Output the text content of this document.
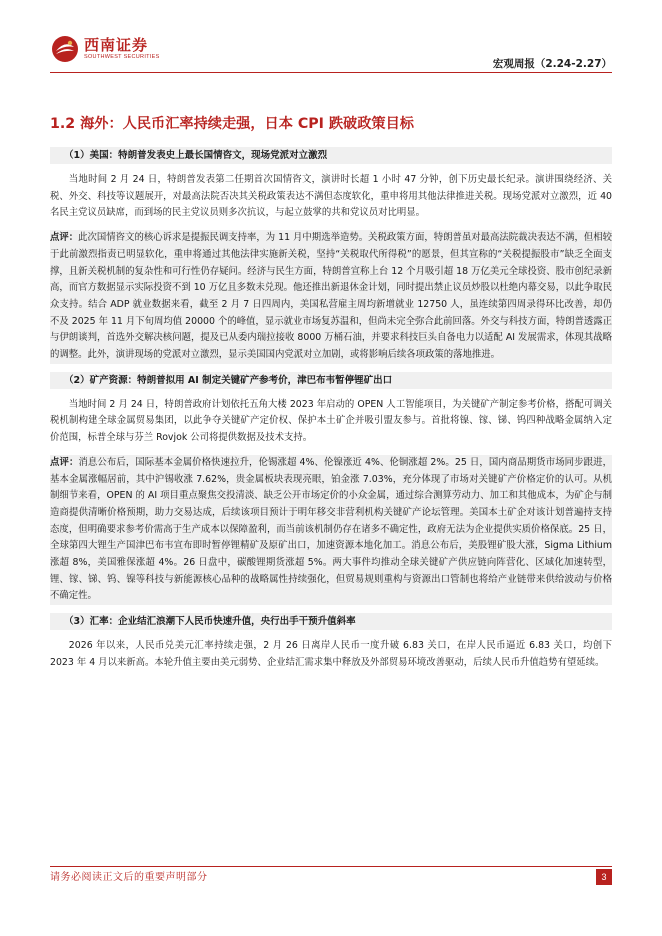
西南证券
SOUTHWEST SECURITIES
宏观周报（2.24-2.27）
1.2 海外：人民币汇率持续走强，日本 CPI 跌破政策目标
（1）美国：特朗普发表史上最长国情咨文，现场党派对立激烈

当地时间 2 月 24 日，特朗普发表第二任期首次国情咨文，演讲时长超 1 小时 47 分钟，创下历史最长纪录。演讲围绕经济、关税、外交、科技等议题展开，对最高法院否决其关税政策表达不满但态度软化，重申将用其他法律推进关税。现场党派对立激烈，近 40 名民主党议员缺席，而到场的民主党议员则多次抗议，与起立鼓掌的共和党议员对比明显。

点评：此次国情咨文的核心诉求是提振民调支持率，为 11 月中期选举造势。关税政策方面，特朗普虽对最高法院裁决表达不满，但相较于此前激烈指责已明显软化，重申将通过其他法律实施新关税，坚持“关税取代所得税”的愿景，但其宣称的“关税提振股市”缺乏全面支撑，且新关税机制的复杂性和可行性仍存疑问。经济与民生方面，特朗普宣称上台 12 个月吸引超 18 万亿美元全球投资、股市创纪录新高，而官方数据显示实际投资不到 10 万亿且多数未兑现。他还推出新退休金计划，同时提出禁止议员炒股以杜绝内幕交易，以此争取民众支持。结合 ADP 就业数据来看，截至 2 月 7 日四周内，美国私营雇主周均新增就业 12750 人，虽连续第四周录得环比改善，却仍不及 2025 年 11 月下旬周均值 20000 个的峰值，显示就业市场复苏温和，但尚未完全弥合此前回落。外交与科技方面，特朗普透露正与伊朗谈判，首选外交解决核问题，提及已从委内瑞拉接收 8000 万桶石油，并要求科技巨头自备电力以适配 AI 发展需求，体现其战略的调整。此外，演讲现场的党派对立激烈，显示美国国内党派对立加剧，或将影响后续各项政策的落地推进。

（2）矿产资源：特朗普拟用 AI 制定关键矿产参考价，津巴布韦暂停锂矿出口

当地时间 2 月 24 日，特朗普政府计划依托五角大楼 2023 年启动的 OPEN 人工智能项目，为关键矿产制定参考价格，搭配可调关税机制构建全球金属贸易集团，以此争夺关键矿产定价权、保护本土矿企并吸引盟友参与。首批将镍、镓、锑、钨四种战略金属纳入定价范围，标普全球与芬兰 Rovjok 公司将提供数据及技术支持。

点评：消息公布后，国际基本金属价格快速拉升，伦锡涨超 4%、伦镍涨近 4%、伦铜涨超 2%。25 日，国内商品期货市场同步跟进，基本金属涨幅居前，其中沪锡收涨 7.62%，贵金属板块表现亮眼，铂金涨 7.03%，充分体现了市场对关键矿产价格定价的认可。从机制细节来看，OPEN 的 AI 项目重点聚焦交投清淡、缺乏公开市场定价的小众金属，通过综合测算劳动力、加工和其他成本，为矿企与制造商提供清晰价格预期，助力交易达成，后续该项目预计于明年移交非营利机构关键矿产论坛管理。美国本土矿企对该计划普遍持支持态度，但明确要求参考价需高于生产成本以保障盈利，而当前该机制仍存在诸多不确定性，政府无法为企业提供实质价格保底。25 日，全球第四大锂生产国津巴布韦宣布即时暂停锂精矿及原矿出口，加速资源本地化加工。消息公布后，美股锂矿股大涨，Sigma Lithium 涨超 8%，美国雅保涨超 4%。26 日盘中，碳酸锂期货涨超 5%。两大事件均推动全球关键矿产供应链向阵营化、区域化加速转型，锂、镓、锑、钨、镍等科技与新能源核心品种的战略属性持续强化，但贸易规则重构与资源出口管制也将给产业链带来供给波动与价格不确定性。

（3）汇率：企业结汇浪潮下人民币快速升值，央行出手干预升值斜率

2026 年以来，人民币兑美元汇率持续走强，2 月 26 日离岸人民币一度升破 6.83 关口，在岸人民币逼近 6.83 关口，均创下 2023 年 4 月以来新高。本轮升值主要由美元弱势、企业结汇需求集中释放及外部贸易环境改善驱动，后续人民币升值趋势有望延续。

请务必阅读正文后的重要声明部分	3
